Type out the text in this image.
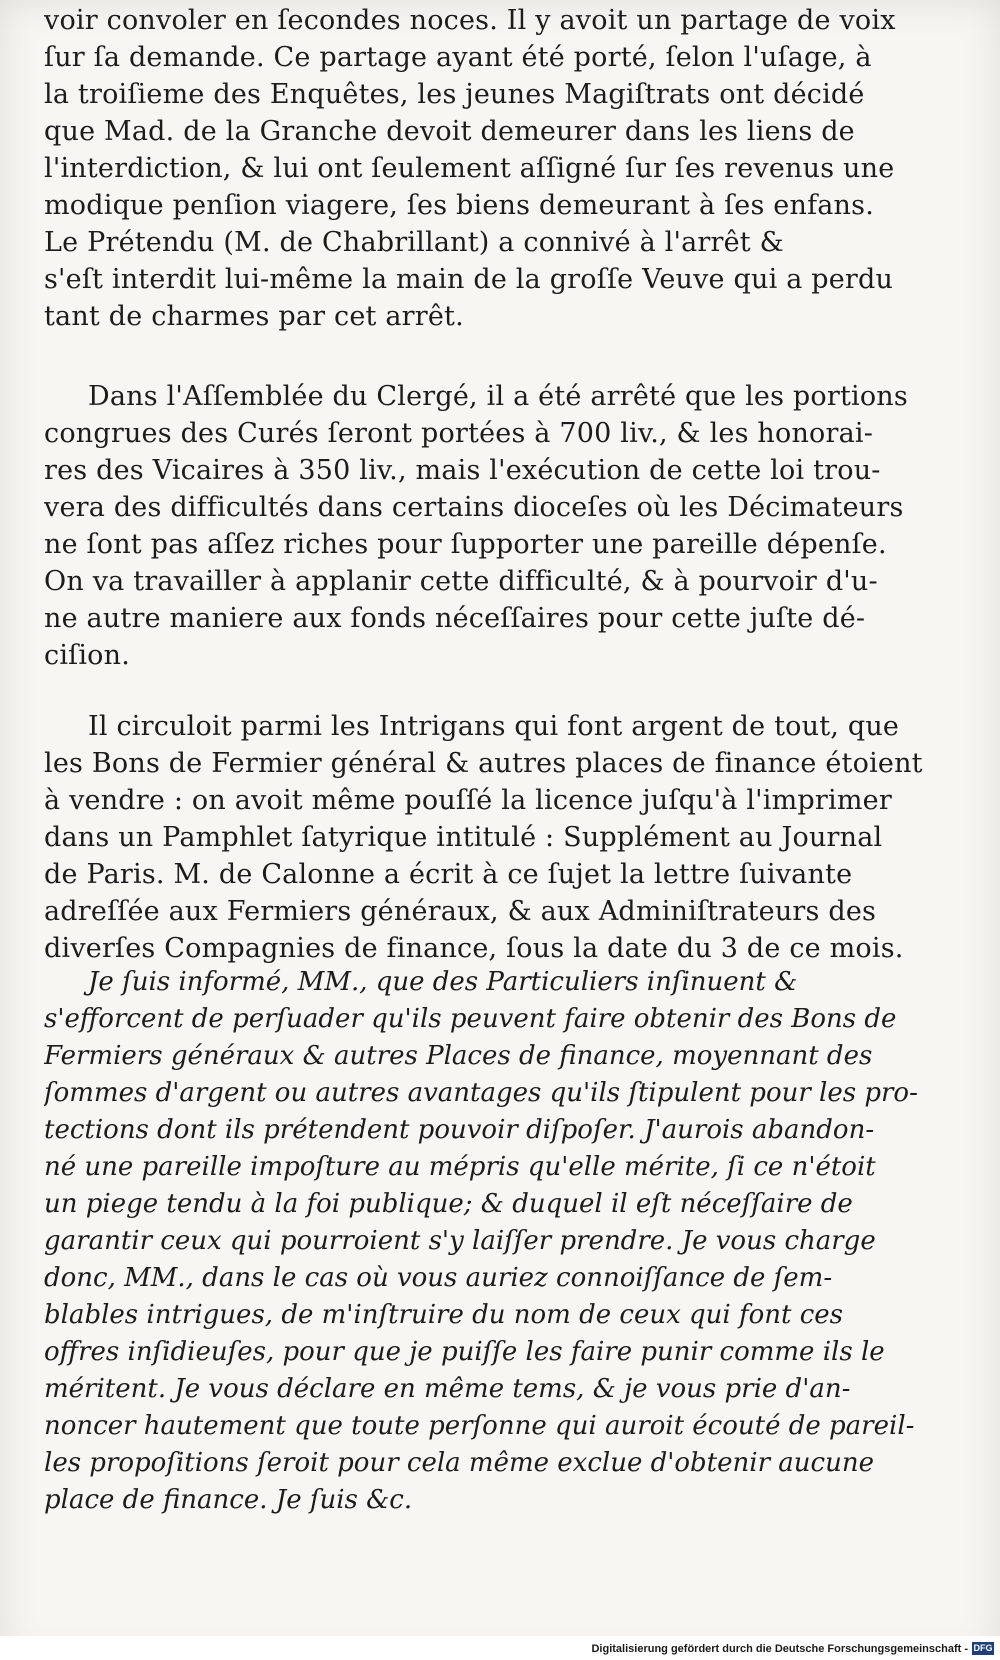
voir convoler en ſecondes noces. Il y avoit un partage de voix
ſur ſa demande. Ce partage ayant été porté, ſelon l'uſage, à
la troiſieme des Enquêtes, les jeunes Magiſtrats ont décidé
que Mad. de la Granche devoit demeurer dans les liens de
l'interdiction, & lui ont ſeulement aſſigné ſur ſes revenus une
modique penſion viagere, ſes biens demeurant à ſes enfans.
Le Prétendu (M. de Chabrillant) a connivé à l'arrêt &
s'eſt interdit lui-même la main de la groſſe Veuve qui a perdu
tant de charmes par cet arrêt.
Dans l'Aſſemblée du Clergé, il a été arrêté que les portions
congrues des Curés ſeront portées à 700 liv., & les honorai-
res des Vicaires à 350 liv., mais l'exécution de cette loi trou-
vera des difficultés dans certains dioceſes où les Décimateurs
ne ſont pas aſſez riches pour ſupporter une pareille dépenſe.
On va travailler à applanir cette difficulté, & à pourvoir d'u-
ne autre maniere aux fonds néceſſaires pour cette juſte dé-
ciſion.
Il circuloit parmi les Intrigans qui font argent de tout, que
les Bons de Fermier général & autres places de finance étoient
à vendre : on avoit même pouſſé la licence juſqu'à l'imprimer
dans un Pamphlet ſatyrique intitulé : Supplément au Journal
de Paris. M. de Calonne a écrit à ce ſujet la lettre ſuivante
adreſſée aux Fermiers généraux, & aux Adminiſtrateurs des
diverſes Compagnies de finance, ſous la date du 3 de ce mois.
Je ſuis informé, MM., que des Particuliers inſinuent &
s'efforcent de perſuader qu'ils peuvent faire obtenir des Bons de
Fermiers généraux & autres Places de finance, moyennant des
ſommes d'argent ou autres avantages qu'ils ſtipulent pour les pro-
tections dont ils prétendent pouvoir diſpoſer. J'aurois abandon-
né une pareille impoſture au mépris qu'elle mérite, ſi ce n'étoit
un piege tendu à la foi publique; & duquel il eſt néceſſaire de
garantir ceux qui pourroient s'y laiſſer prendre. Je vous charge
donc, MM., dans le cas où vous auriez connoiſſance de ſem-
blables intrigues, de m'inſtruire du nom de ceux qui font ces
offres inſidieuſes, pour que je puiſſe les faire punir comme ils le
méritent. Je vous déclare en même tems, & je vous prie d'an-
noncer hautement que toute perſonne qui auroit écouté de pareil-
les propoſitions ſeroit pour cela même exclue d'obtenir aucune
place de finance. Je ſuis &c.
Digitalisierung gefördert durch die Deutsche Forschungsgemeinschaft - DFG
